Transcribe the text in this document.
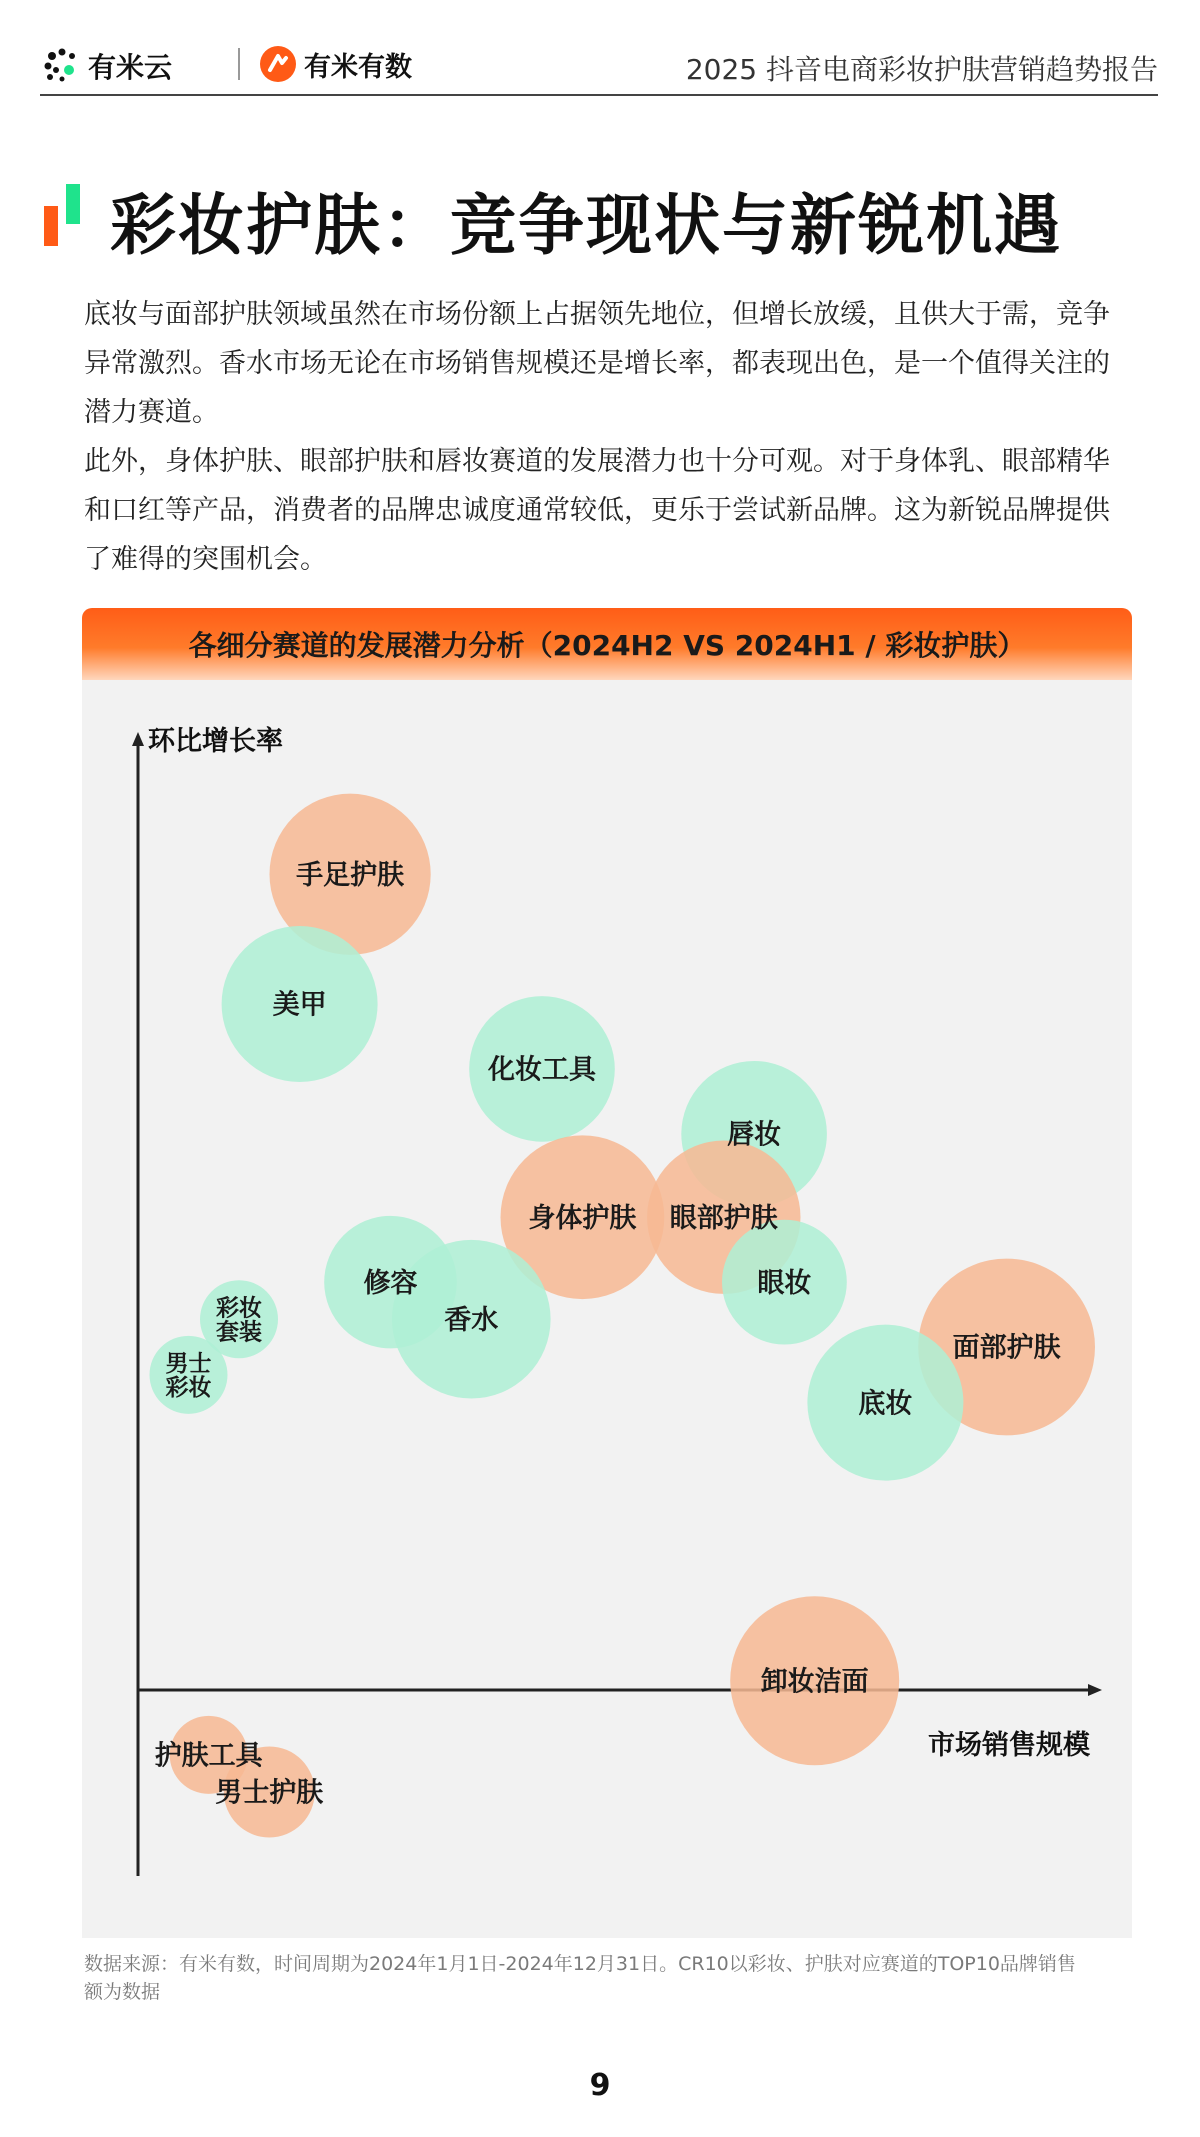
有米云	有米有数	2025 抖音电商彩妆护肤营销趋势报告
彩妆护肤：竞争现状与新锐机遇

底妆与面部护肤领域虽然在市场份额上占据领先地位，但增长放缓，且供大于需，竞争异常激烈。香水市场无论在市场销售规模还是增长率，都表现出色，是一个值得关注的潜力赛道。

此外，身体护肤、眼部护肤和唇妆赛道的发展潜力也十分可观。对于身体乳、眼部精华和口红等产品，消费者的品牌忠诚度通常较低，更乐于尝试新品牌。这为新锐品牌提供了难得的突围机会。

各细分赛道的发展潜力分析（2024H2 VS 2024H1 / 彩妆护肤）
环比增长率
市场销售规模
手足护肤
美甲
化妆工具
唇妆
身体护肤 眼部护肤
眼妆
修容
香水
彩妆套装
男士彩妆
面部护肤
底妆
卸妆洁面
护肤工具
男士护肤
数据来源：有米有数，时间周期为2024年1月1日-2024年12月31日。CR10以彩妆、护肤对应赛道的TOP10品牌销售额为数据
9
